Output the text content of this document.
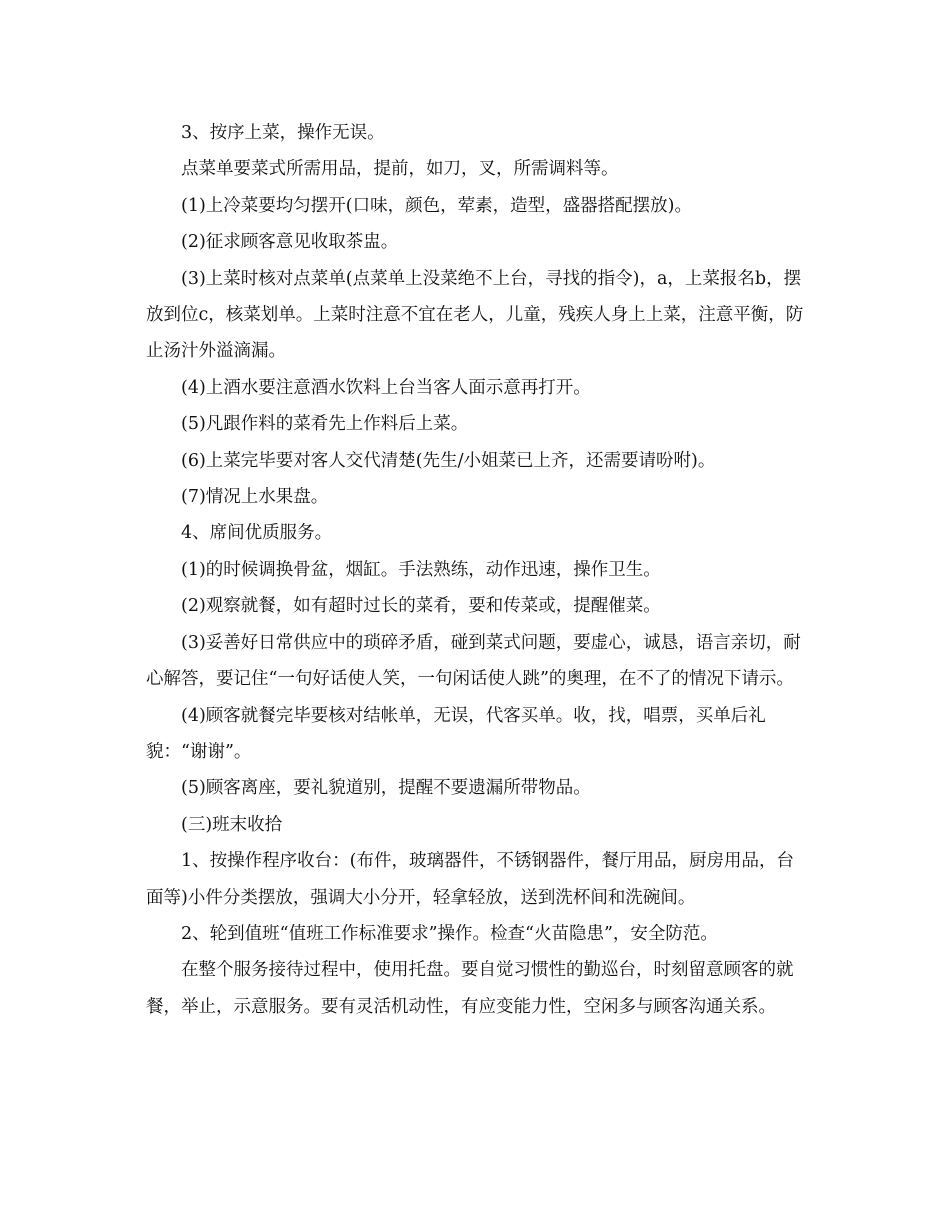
3、按序上菜，操作无误。

点菜单要菜式所需用品，提前，如刀，叉，所需调料等。

(1)上冷菜要均匀摆开(口味，颜色，荤素，造型，盛器搭配摆放)。

(2)征求顾客意见收取茶盅。

(3)上菜时核对点菜单(点菜单上没菜绝不上台，寻找的指令)，a，上菜报名b，摆放到位c，核菜划单。上菜时注意不宜在老人，儿童，残疾人身上上菜，注意平衡，防止汤汁外溢滴漏。

(4)上酒水要注意酒水饮料上台当客人面示意再打开。

(5)凡跟作料的菜肴先上作料后上菜。

(6)上菜完毕要对客人交代清楚(先生/小姐菜已上齐，还需要请吩咐)。

(7)情况上水果盘。

4、席间优质服务。

(1)的时候调换骨盆，烟缸。手法熟练，动作迅速，操作卫生。

(2)观察就餐，如有超时过长的菜肴，要和传菜或，提醒催菜。

(3)妥善好日常供应中的琐碎矛盾，碰到菜式问题，要虚心，诚恳，语言亲切，耐心解答，要记住“一句好话使人笑，一句闲话使人跳”的奥理，在不了的情况下请示。

(4)顾客就餐完毕要核对结帐单，无误，代客买单。收，找，唱票，买单后礼貌：“谢谢”。

(5)顾客离座，要礼貌道别，提醒不要遗漏所带物品。

(三)班末收拾

1、按操作程序收台：(布件，玻璃器件，不锈钢器件，餐厅用品，厨房用品，台面等)小件分类摆放，强调大小分开，轻拿轻放，送到洗杯间和洗碗间。

2、轮到值班“值班工作标准要求”操作。检查“火苗隐患”，安全防范。

在整个服务接待过程中，使用托盘。要自觉习惯性的勤巡台，时刻留意顾客的就餐，举止，示意服务。要有灵活机动性，有应变能力性，空闲多与顾客沟通关系。
